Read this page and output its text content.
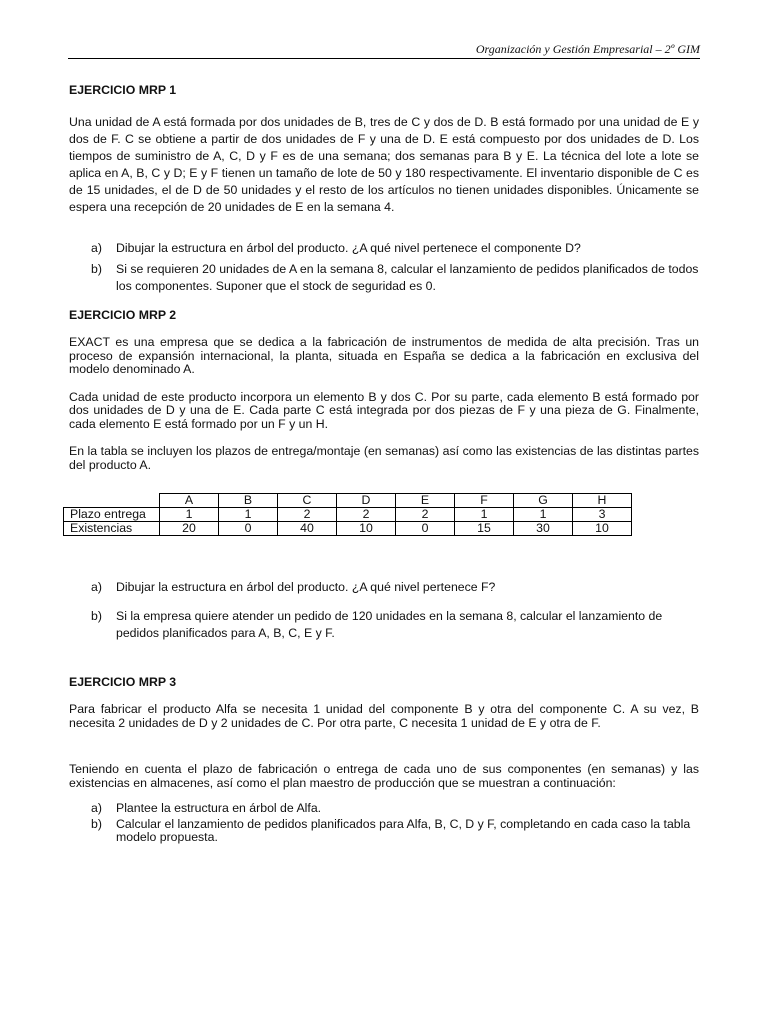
Organización y Gestión Empresarial – 2º GIM
EJERCICIO MRP 1

Una unidad de A está formada por dos unidades de B, tres de C y dos de D. B está formado por una unidad de E y dos de F. C se obtiene a partir de dos unidades de F y una de D. E está compuesto por dos unidades de D. Los tiempos de suministro de A, C, D y F es de una semana; dos semanas para B y E. La técnica del lote a lote se aplica en A, B, C y D; E y F tienen un tamaño de lote de 50 y 180 respectivamente. El inventario disponible de C es de 15 unidades, el de D de 50 unidades y el resto de los artículos no tienen unidades disponibles. Únicamente se espera una recepción de 20 unidades de E en la semana 4.

a) Dibujar la estructura en árbol del producto. ¿A qué nivel pertenece el componente D?
b) Si se requieren 20 unidades de A en la semana 8, calcular el lanzamiento de pedidos planificados de todos los componentes. Suponer que el stock de seguridad es 0.
EJERCICIO MRP 2

EXACT es una empresa que se dedica a la fabricación de instrumentos de medida de alta precisión. Tras un proceso de expansión internacional, la planta, situada en España se dedica a la fabricación en exclusiva del modelo denominado A.

Cada unidad de este producto incorpora un elemento B y dos C. Por su parte, cada elemento B está formado por dos unidades de D y una de E. Cada parte C está integrada por dos piezas de F y una pieza de G. Finalmente, cada elemento E está formado por un F y un H.

En la tabla se incluyen los plazos de entrega/montaje (en semanas) así como las existencias de las distintas partes del producto A.

	A	B	C	D	E	F	G	H
Plazo entrega	1	1	2	2	2	1	1	3
Existencias	20	0	40	10	0	15	30	10
a) Dibujar la estructura en árbol del producto. ¿A qué nivel pertenece F?
b) Si la empresa quiere atender un pedido de 120 unidades en la semana 8, calcular el lanzamiento de pedidos planificados para A, B, C, E y F.
EJERCICIO MRP 3

Para fabricar el producto Alfa se necesita 1 unidad del componente B y otra del componente C. A su vez, B necesita 2 unidades de D y 2 unidades de C. Por otra parte, C necesita 1 unidad de E y otra de F.

Teniendo en cuenta el plazo de fabricación o entrega de cada uno de sus componentes (en semanas) y las existencias en almacenes, así como el plan maestro de producción que se muestran a continuación:

a) Plantee la estructura en árbol de Alfa.
b) Calcular el lanzamiento de pedidos planificados para Alfa, B, C, D y F, completando en cada caso la tabla modelo propuesta.
